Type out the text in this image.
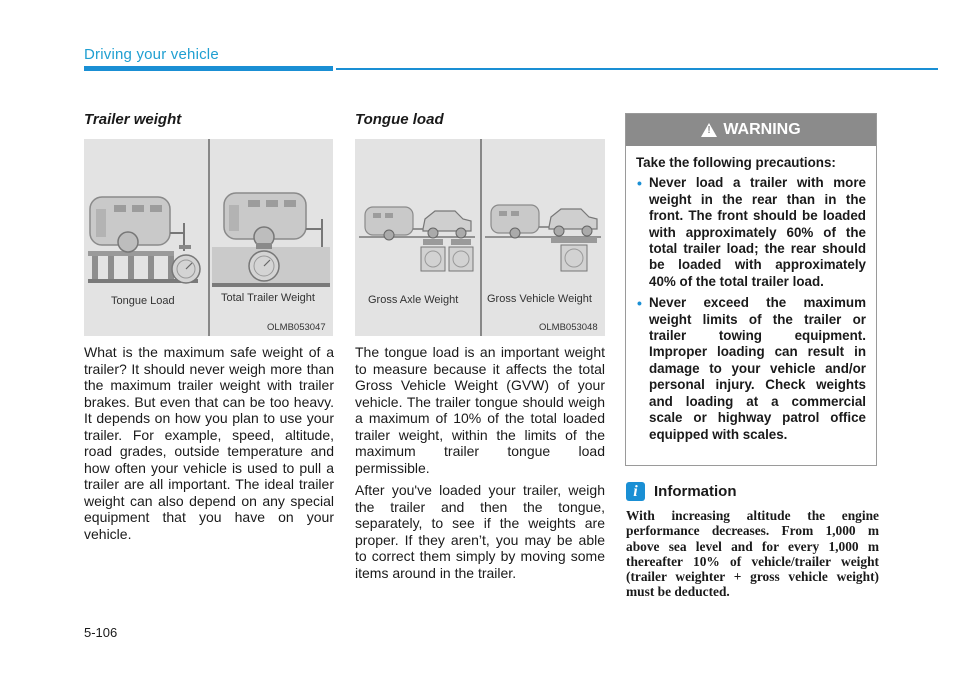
Driving your vehicle
Trailer weight
Tongue Load	Total Trailer Weight
OLMB053047

What is the maximum safe weight of a trailer? It should never weigh more than the maximum trailer weight with trailer brakes. But even that can be too heavy. It depends on how you plan to use your trailer. For example, speed, altitude, road grades, outside temperature and how often your vehicle is used to pull a trailer are all important. The ideal trailer weight can also depend on any special equipment that you have on your vehicle.

Tongue load
Gross Axle Weight	Gross Vehicle Weight
OLMB053048

The tongue load is an important weight to measure because it affects the total Gross Vehicle Weight (GVW) of your vehicle. The trailer tongue should weigh a maximum of 10% of the total loaded trailer weight, within the limits of the maximum trailer tongue load permissible.

After you've loaded your trailer, weigh the trailer and then the tongue, separately, to see if the weights are proper. If they aren’t, you may be able to correct them simply by moving some items around in the trailer.

!
WARNING
Take the following precautions:
• Never load a trailer with more weight in the rear than in the front. The front should be loaded with approximately 60% of the total trailer load; the rear should be loaded with approximately 40% of the total trailer load.
• Never exceed the maximum weight limits of the trailer or trailer towing equipment. Improper loading can result in damage to your vehicle and/or personal injury. Check weights and loading at a commercial scale or highway patrol office equipped with scales.
i	Information

With increasing altitude the engine performance decreases. From 1,000 m above sea level and for every 1,000 m thereafter 10% of vehicle/trailer weight (trailer weighter + gross vehicle weight) must be deducted.

5-106
